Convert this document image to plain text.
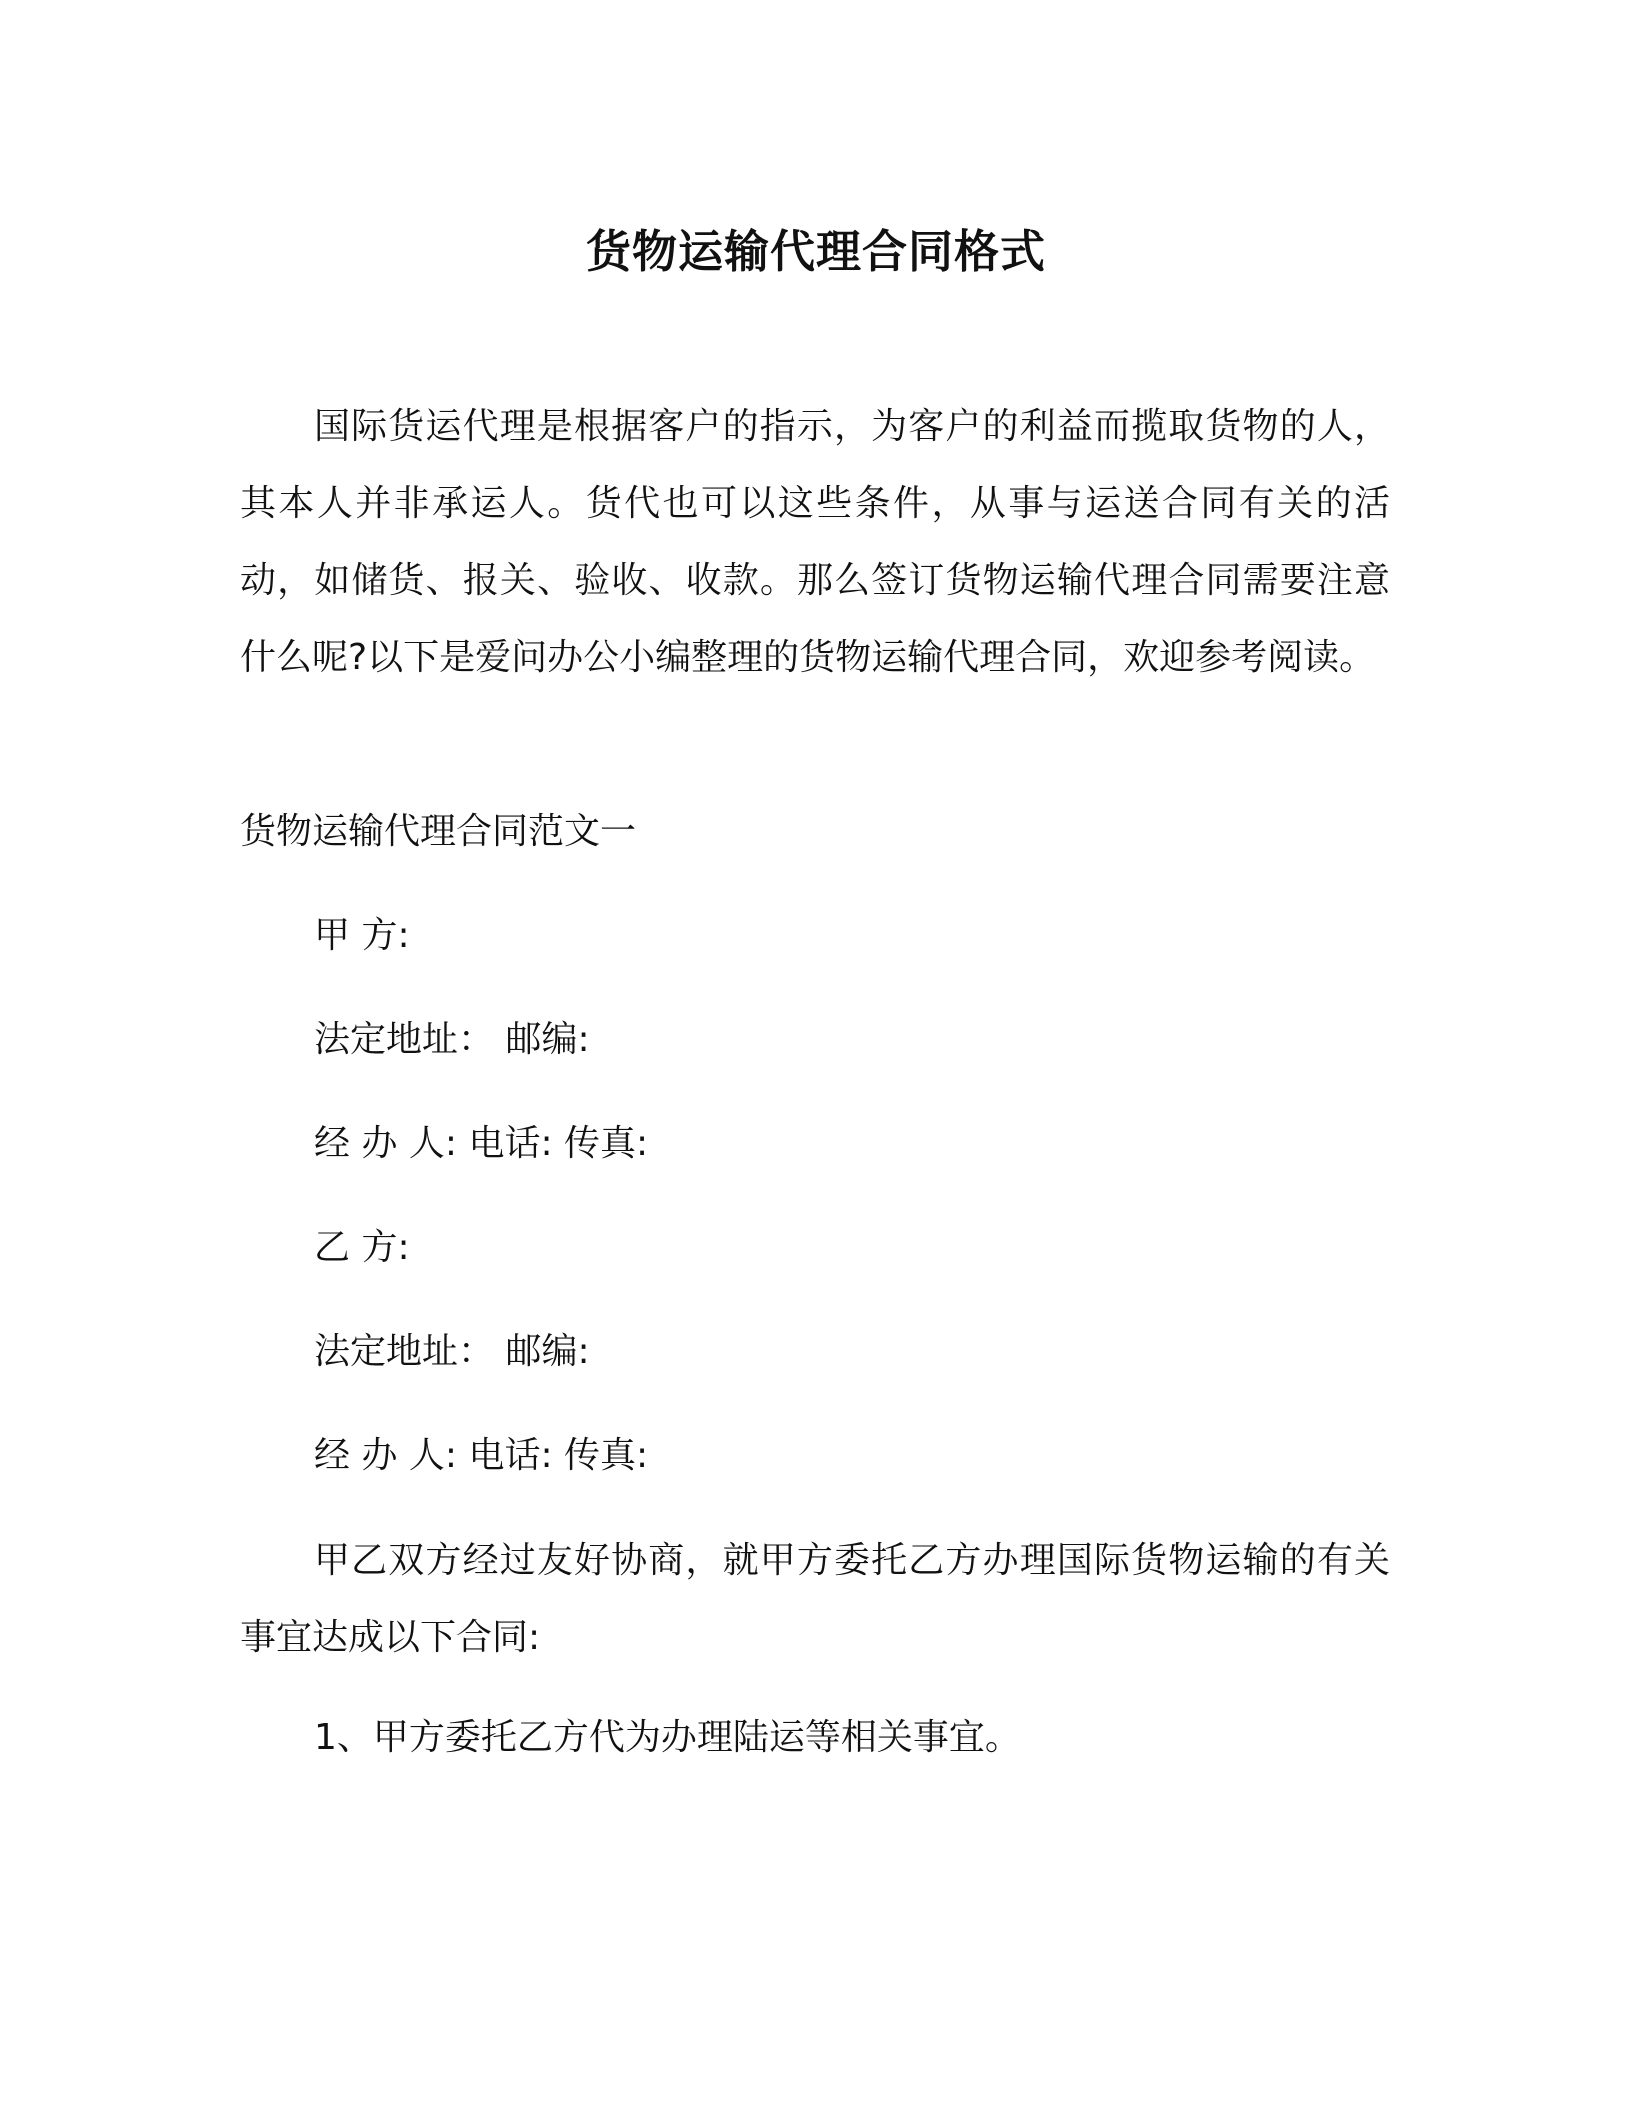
货物运输代理合同格式

国际货运代理是根据客户的指示，为客户的利益而揽取货物的人，其本人并非承运人。货代也可以这些条件，从事与运送合同有关的活动，如储货、报关、验收、收款。那么签订货物运输代理合同需要注意什么呢?以下是爱问办公小编整理的货物运输代理合同，欢迎参考阅读。

货物运输代理合同范文一

甲 方:

法定地址： 邮编:

经 办 人: 电话: 传真:

乙 方:

法定地址： 邮编:

经 办 人: 电话: 传真:

甲乙双方经过友好协商，就甲方委托乙方办理国际货物运输的有关事宜达成以下合同:

1、甲方委托乙方代为办理陆运等相关事宜。
